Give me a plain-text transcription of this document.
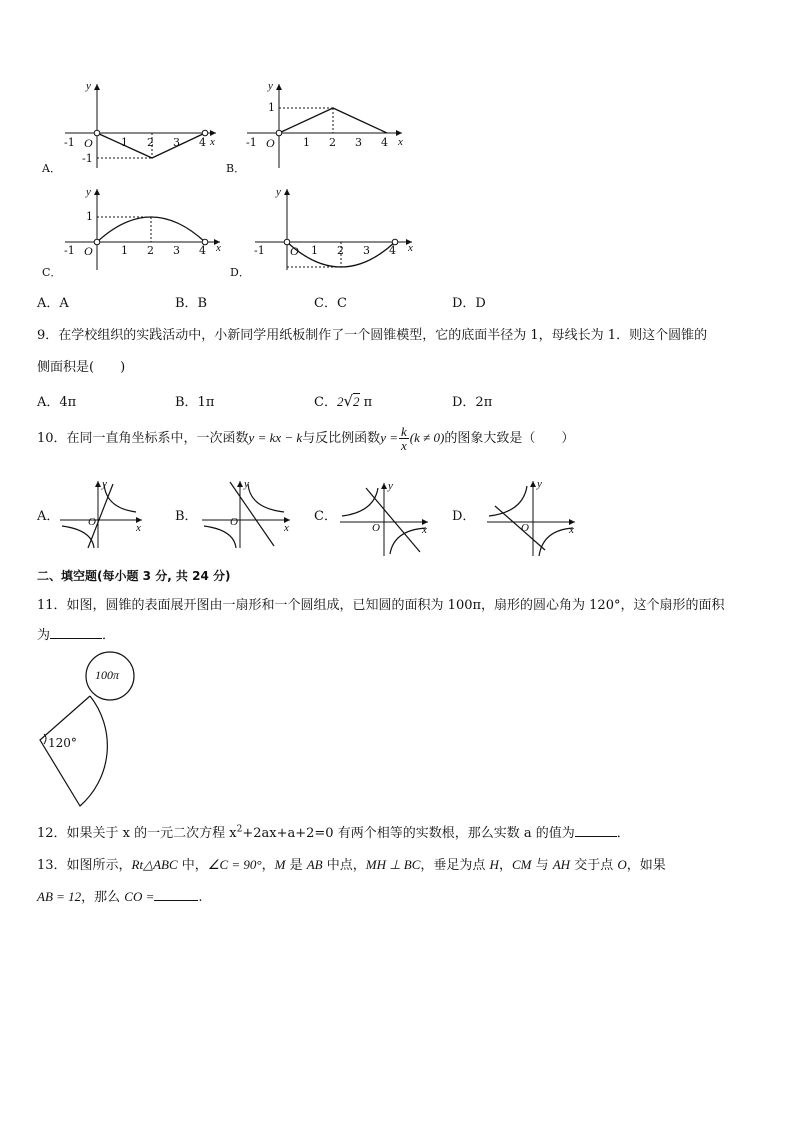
y
x
O
-1	1 2 3 4
-1
A．
y
x
O
-1	1 2 3 4
1
B．
y
x
O
-1	1 2 3 4
1
C．
y
x
O
-1	1 2 3 4
D．
A．A	B．B	C．C	D．D
9．在学校组织的实践活动中，小新同学用纸板制作了一个圆锥模型，它的底面半径为 1，母线长为 1．则这个圆锥的
侧面积是(　　)
A．4π	B．1π	C．2√2 π	D．2π
10．在同一直角坐标系中，一次函数y = kx − k与反比例函数$y = \frac{k}{x} (k \ne 0)$的图象大致是（　　）
A．
y
x
O	B．
y
x
O	C．
y
x
O
D．
y
x
O
二、填空题(每小题 3 分, 共 24 分)
11．如图，圆锥的表面展开图由一扇形和一个圆组成，已知圆的面积为 100π，扇形的圆心角为 120°，这个扇形的面积
为	．
100π
120°
12．如果关于 x 的一元二次方程 $x^2+2ax+a+2=0$ 有两个相等的实数根，那么实数 a 的值为	．
13．如图所示，Rt△ABC 中，∠C = 90°，M 是 AB 中点，MH ⊥ BC，垂足为点 H，CM 与 AH 交于点 O，如果
AB = 12，那么 CO =	.
